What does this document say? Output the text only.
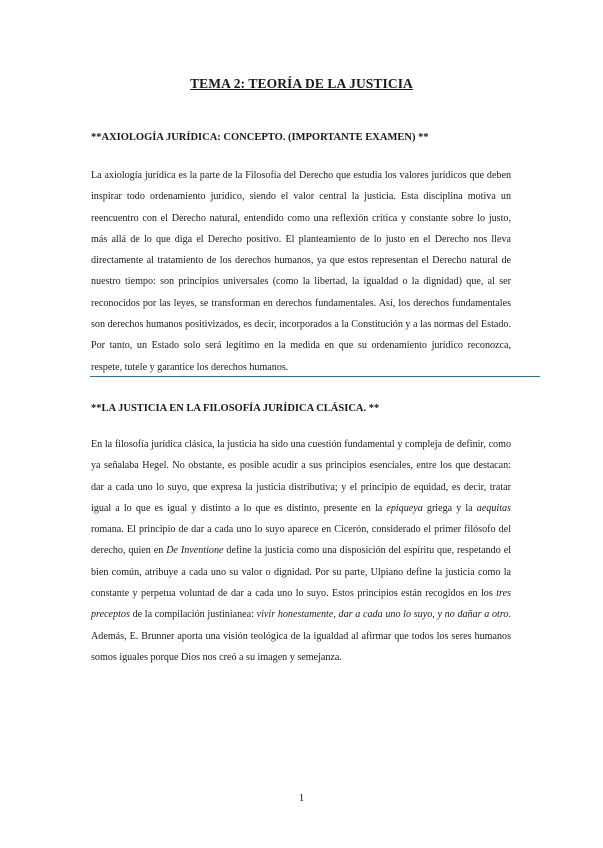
TEMA 2: TEORÍA DE LA JUSTICIA
**AXIOLOGÍA JURÍDICA: CONCEPTO. (IMPORTANTE EXAMEN) **

La axiología jurídica es la parte de la Filosofía del Derecho que estudia los valores jurídicos que deben inspirar todo ordenamiento jurídico, siendo el valor central la justicia. Esta disciplina motiva un reencuentro con el Derecho natural, entendido como una reflexión crítica y constante sobre lo justo, más allá de lo que diga el Derecho positivo. El planteamiento de lo justo en el Derecho nos lleva directamente al tratamiento de los derechos humanos, ya que estos representan el Derecho natural de nuestro tiempo: son principios universales (como la libertad, la igualdad o la dignidad) que, al ser reconocidos por las leyes, se transforman en derechos fundamentales. Así, los derechos fundamentales son derechos humanos positivizados, es decir, incorporados a la Constitución y a las normas del Estado. Por tanto, un Estado solo será legítimo en la medida en que su ordenamiento jurídico reconozca, respete, tutele y garantice los derechos humanos.

**LA JUSTICIA EN LA FILOSOFÍA JURÍDICA CLÁSICA. **

En la filosofía jurídica clásica, la justicia ha sido una cuestión fundamental y compleja de definir, como ya señalaba Hegel. No obstante, es posible acudir a sus principios esenciales, entre los que destacan: dar a cada uno lo suyo, que expresa la justicia distributiva; y el principio de equidad, es decir, tratar igual a lo que es igual y distinto a lo que es distinto, presente en la epiqueya griega y la aequitas romana. El principio de dar a cada uno lo suyo aparece en Cicerón, considerado el primer filósofo del derecho, quien en De Inventione define la justicia como una disposición del espíritu que, respetando el bien común, atribuye a cada uno su valor o dignidad. Por su parte, Ulpiano define la justicia como la constante y perpetua voluntad de dar a cada uno lo suyo. Estos principios están recogidos en los tres preceptos de la compilación justinianea: vivir honestamente, dar a cada uno lo suyo, y no dañar a otro. Además, E. Brunner aporta una visión teológica de la igualdad al afirmar que todos los seres humanos somos iguales porque Dios nos creó a su imagen y semejanza.

1
